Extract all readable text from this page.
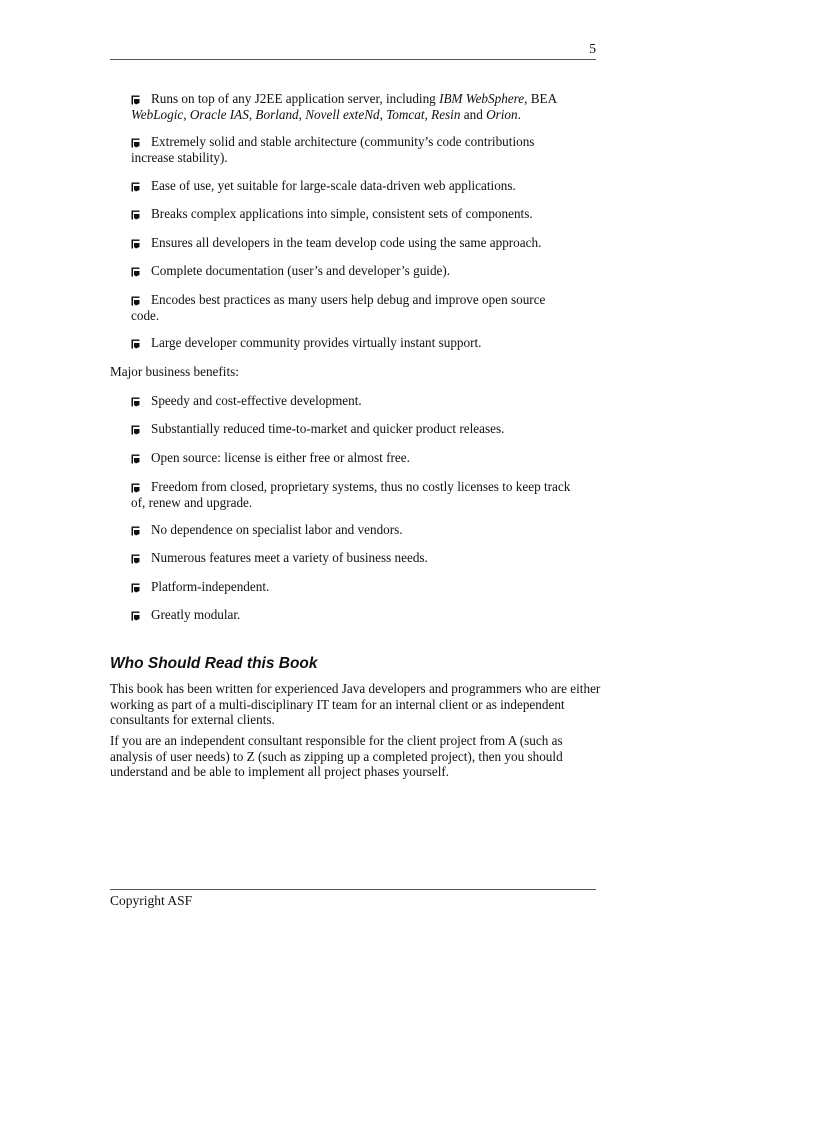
5
Runs on top of any J2EE application server, including IBM WebSphere, BEA WebLogic, Oracle IAS, Borland, Novell exteNd, Tomcat, Resin and Orion.
Extremely solid and stable architecture (community’s code contributions increase stability).
Ease of use, yet suitable for large-scale data-driven web applications.
Breaks complex applications into simple, consistent sets of components.
Ensures all developers in the team develop code using the same approach.
Complete documentation (user’s and developer’s guide).
Encodes best practices as many users help debug and improve open source code.
Large developer community provides virtually instant support.
Major business benefits:
Speedy and cost-effective development.
Substantially reduced time-to-market and quicker product releases.
Open source: license is either free or almost free.
Freedom from closed, proprietary systems, thus no costly licenses to keep track of, renew and upgrade.
No dependence on specialist labor and vendors.
Numerous features meet a variety of business needs.
Platform-independent.
Greatly modular.
Who Should Read this Book
This book has been written for experienced Java developers and programmers who are either working as part of a multi-disciplinary IT team for an internal client or as independent consultants for external clients.
If you are an independent consultant responsible for the client project from A (such as analysis of user needs) to Z (such as zipping up a completed project), then you should understand and be able to implement all project phases yourself.
Copyright ASF
